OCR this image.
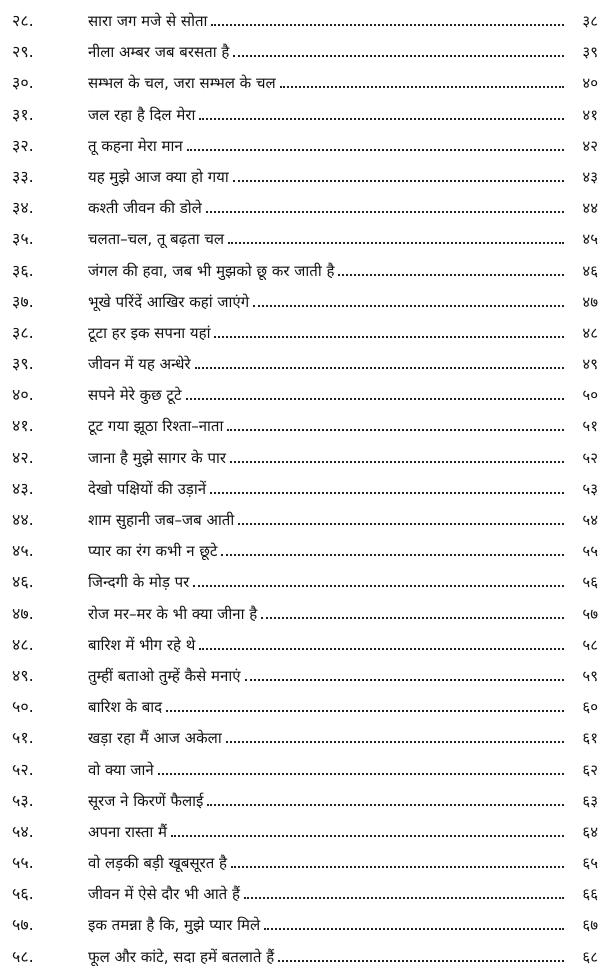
२८.	सारा जग मजे से सोता	३८
२९.	नीला अम्बर जब बरसता है	३९
३०.	सम्भल के चल, जरा सम्भल के चल	४०
३१.	जल रहा है दिल मेरा	४१
३२.	तू कहना मेरा मान	४२
३३.	यह मुझे आज क्या हो गया	४३
३४.	कश्ती जीवन की डोले	४४
३५.	चलता–चल, तू बढ़ता चल	४५
३६.	जंगल की हवा, जब भी मुझको छू कर जाती है	४६
३७.	भूखे परिंदें आखिर कहां जाएंगे	४७
३८.	टूटा हर इक सपना यहां	४८
३९.	जीवन में यह अन्धेरे	४९
४०.	सपने मेरे कुछ टूटे	५०
४१.	टूट गया झूठा रिश्ता–नाता	५१
४२.	जाना है मुझे सागर के पार	५२
४३.	देखो पक्षियों की उड़ानें	५३
४४.	शाम सुहानी जब–जब आती	५४
४५.	प्यार का रंग कभी न छूटे	५५
४६.	जिन्दगी के मोड़ पर	५६
४७.	रोज मर–मर के भी क्या जीना है	५७
४८.	बारिश में भीग रहे थे	५८
४९.	तुम्हीं बताओ तुम्हें कैसे मनाएं	५९
५०.	बारिश के बाद	६०
५१.	खड़ा रहा मैं आज अकेला	६१
५२.	वो क्या जाने	६२
५३.	सूरज ने किरणें फैलाई	६३
५४.	अपना रास्ता मैं	६४
५५.	वो लड़की बड़ी खूबसूरत है	६५
५६.	जीवन में ऐसे दौर भी आते हैं	६६
५७.	इक तमन्ना है कि, मुझे प्यार मिले	६७
५८.	फूल और कांटे, सदा हमें बतलाते हैं	६८
